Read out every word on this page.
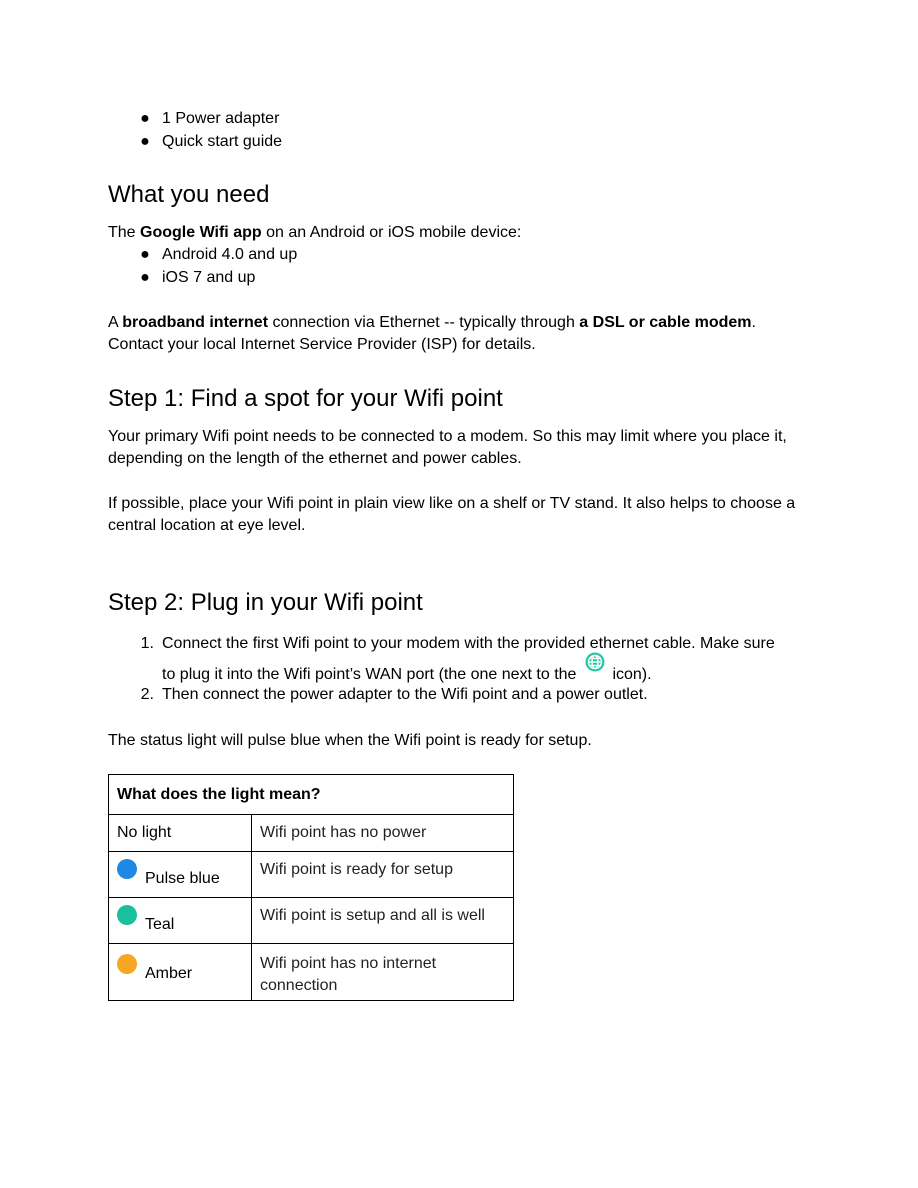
● 1 Power adapter
● Quick start guide
What you need
The Google Wifi app on an Android or iOS mobile device:
● Android 4.0 and up
● iOS 7 and up
A broadband internet connection via Ethernet -- typically through a DSL or cable modem.
Contact your local Internet Service Provider (ISP) for details.
Step 1: Find a spot for your Wifi point
Your primary Wifi point needs to be connected to a modem. So this may limit where you place it, depending on the length of the ethernet and power cables.
If possible, place your Wifi point in plain view like on a shelf or TV stand. It also helps to choose a central location at eye level.
Step 2: Plug in your Wifi point
1. Connect the first Wifi point to your modem with the provided ethernet cable. Make sure
to plug it into the Wifi point’s WAN port (the one next to the icon).
2. Then connect the power adapter to the Wifi point and a power outlet.
The status light will pulse blue when the Wifi point is ready for setup.
What does the light mean?	
No light	Wifi point has no power
Pulse blue	Wifi point is ready for setup
Teal	Wifi point is setup and all is well
Amber	Wifi point has no internet connection
